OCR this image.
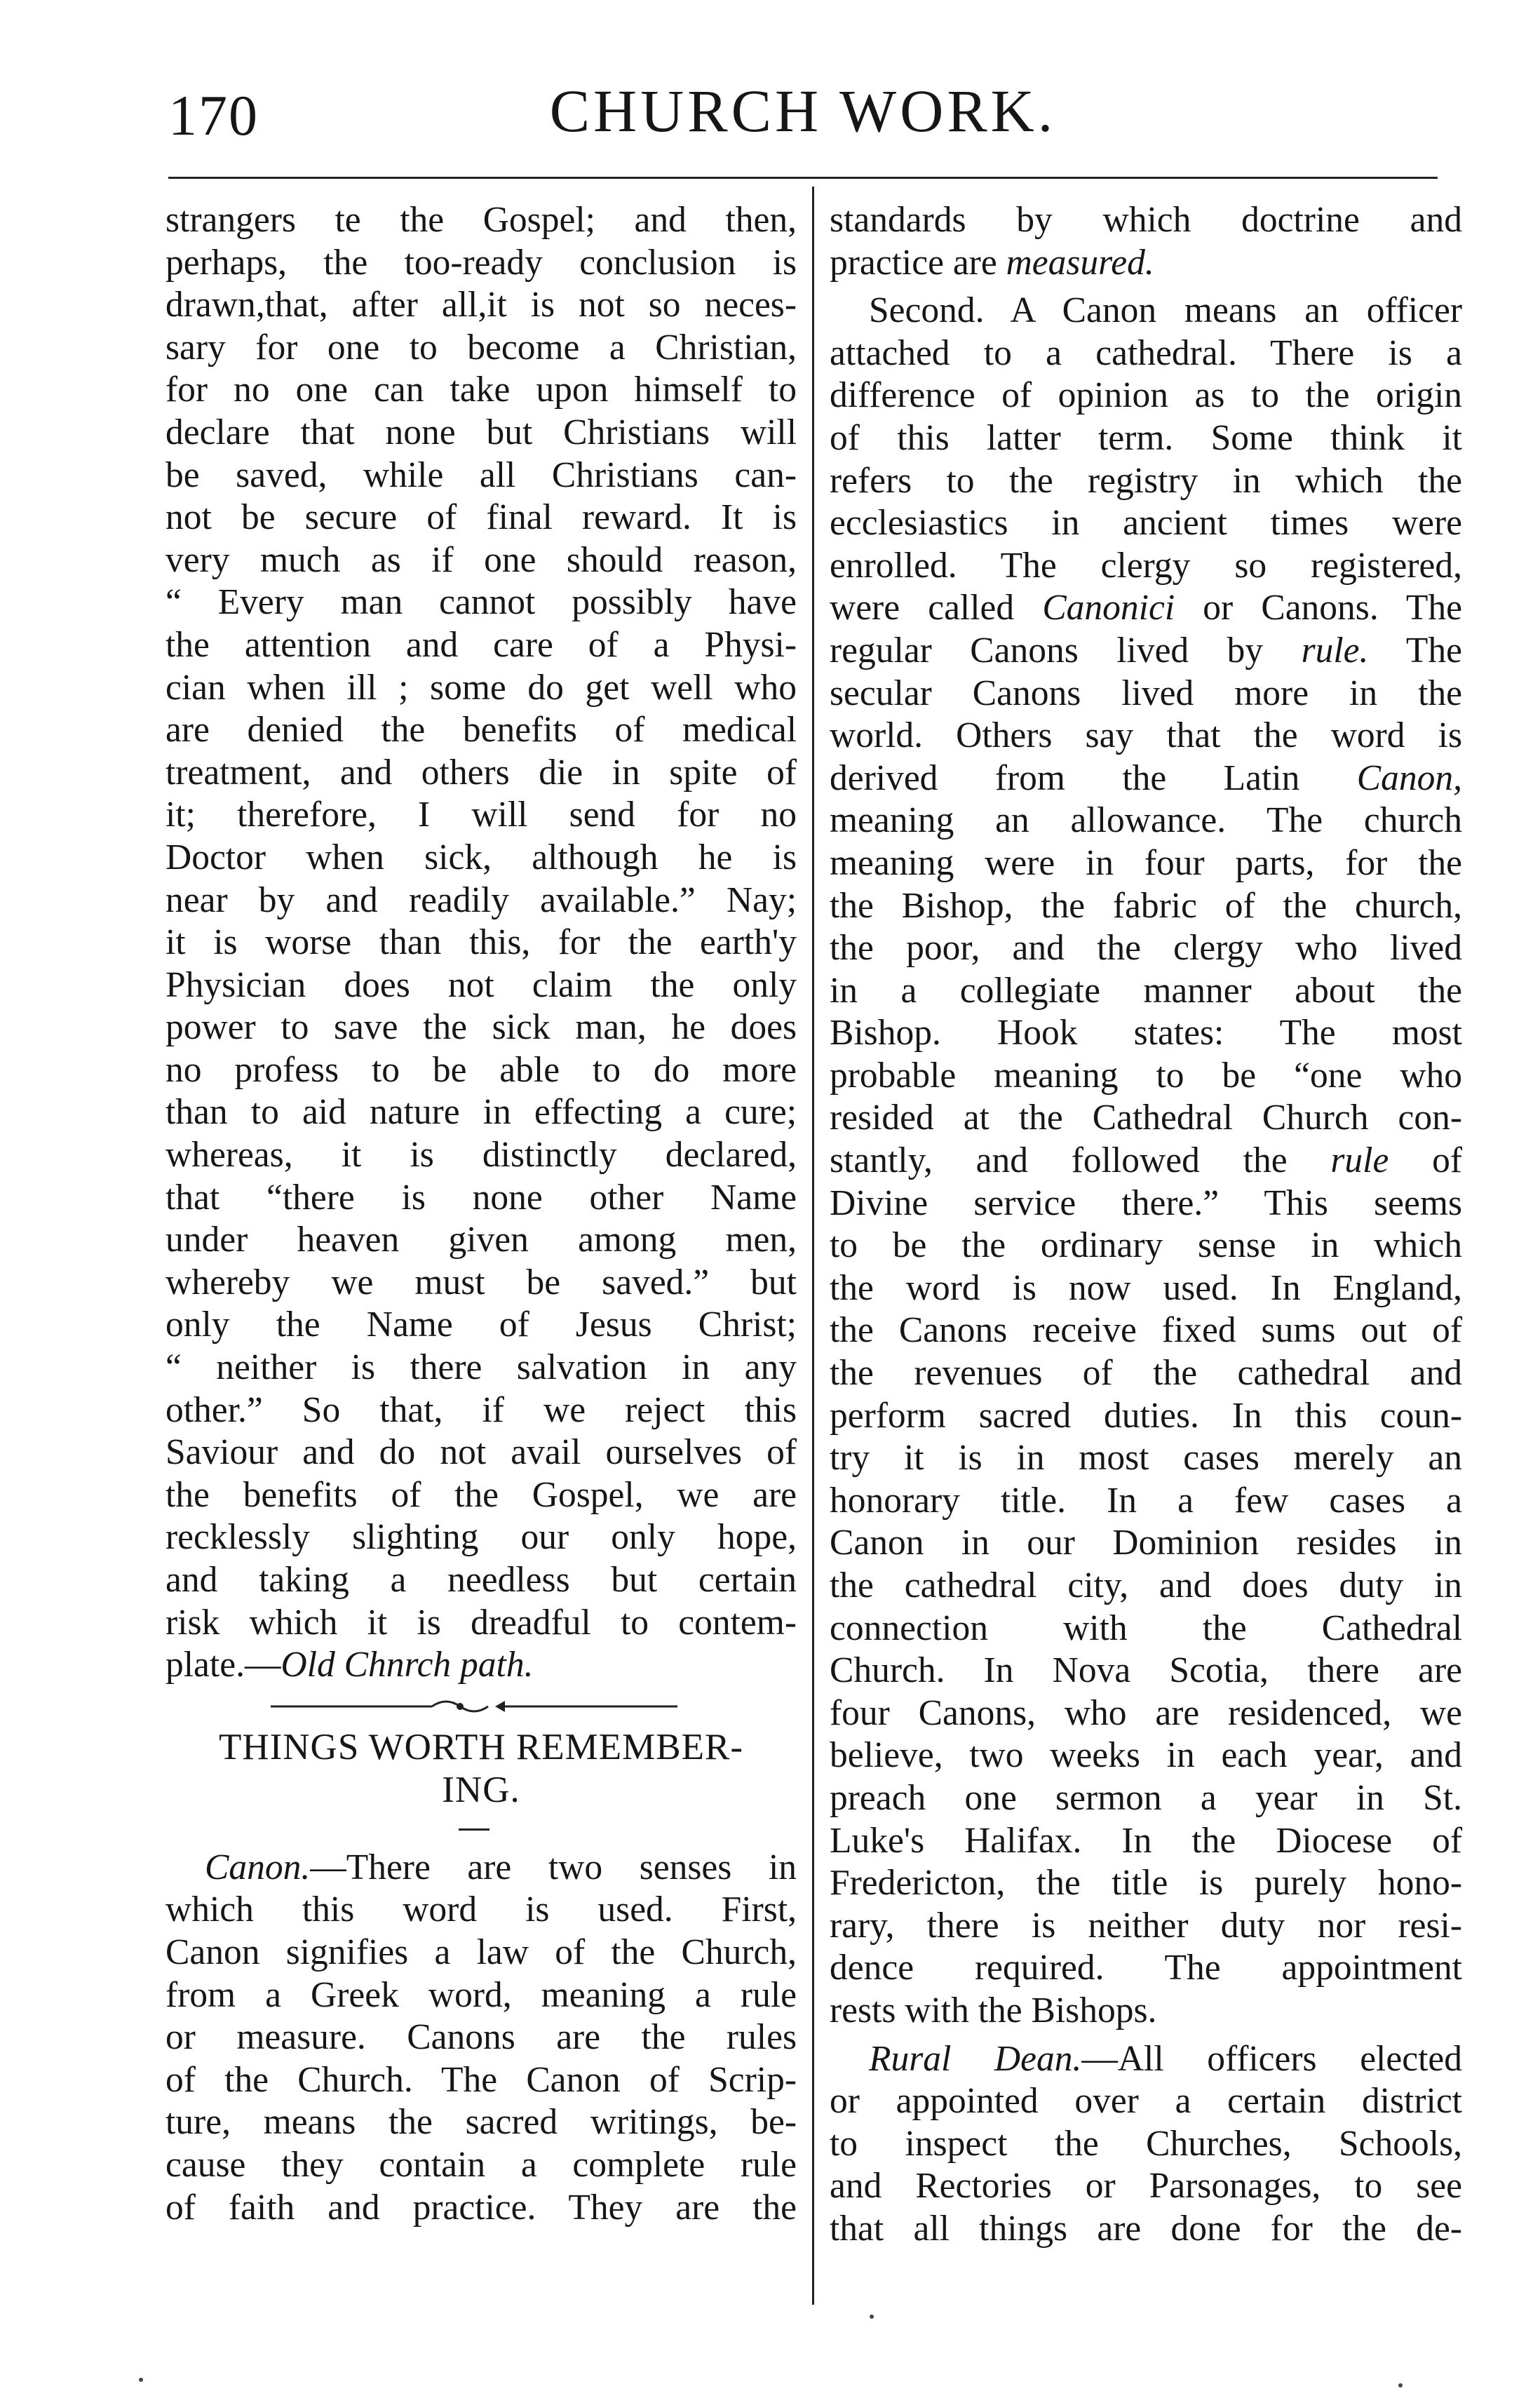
170	CHURCH WORK.
strangers te the Gospel; and then,
perhaps, the too-ready conclusion is
drawn,that, after all,it is not so neces-
sary for one to become a Christian,
for no one can take upon himself to
declare that none but Christians will
be saved, while all Christians can-
not be secure of final reward. It is
very much as if one should reason,
“ Every man cannot possibly have
the attention and care of a Physi-
cian when ill ; some do get well who
are denied the benefits of medical
treatment, and others die in spite of
it; therefore, I will send for no
Doctor when sick, although he is
near by and readily available.” Nay;
it is worse than this, for the earth'y
Physician does not claim the only
power to save the sick man, he does
no profess to be able to do more
than to aid nature in effecting a cure;
whereas, it is distinctly declared,
that “there is none other Name
under heaven given among men,
whereby we must be saved.” but
only the Name of Jesus Christ;
“ neither is there salvation in any
other.” So that, if we reject this
Saviour and do not avail ourselves of
the benefits of the Gospel, we are
recklessly slighting our only hope,
and taking a needless but certain
risk which it is dreadful to contem-
plate.—Old Chnrch path.
THINGS WORTH REMEMBER-
ING.
Canon.—There are two senses in
which this word is used. First,
Canon signifies a law of the Church,
from a Greek word, meaning a rule
or measure. Canons are the rules
of the Church. The Canon of Scrip-
ture, means the sacred writings, be-
cause they contain a complete rule
of faith and practice. They are the
standards by which doctrine and
practice are measured.
Second. A Canon means an officer
attached to a cathedral. There is a
difference of opinion as to the origin
of this latter term. Some think it
refers to the registry in which the
ecclesiastics in ancient times were
enrolled. The clergy so registered,
were called Canonici or Canons. The
regular Canons lived by rule. The
secular Canons lived more in the
world. Others say that the word is
derived from the Latin Canon,
meaning an allowance. The church
meaning were in four parts, for the
the Bishop, the fabric of the church,
the poor, and the clergy who lived
in a collegiate manner about the
Bishop. Hook states: The most
probable meaning to be “one who
resided at the Cathedral Church con-
stantly, and followed the rule of
Divine service there.” This seems
to be the ordinary sense in which
the word is now used. In England,
the Canons receive fixed sums out of
the revenues of the cathedral and
perform sacred duties. In this coun-
try it is in most cases merely an
honorary title. In a few cases a
Canon in our Dominion resides in
the cathedral city, and does duty in
connection with the Cathedral
Church. In Nova Scotia, there are
four Canons, who are residenced, we
believe, two weeks in each year, and
preach one sermon a year in St.
Luke's Halifax. In the Diocese of
Fredericton, the title is purely hono-
rary, there is neither duty nor resi-
dence required. The appointment
rests with the Bishops.
Rural Dean.—All officers elected
or appointed over a certain district
to inspect the Churches, Schools,
and Rectories or Parsonages, to see
that all things are done for the de-
